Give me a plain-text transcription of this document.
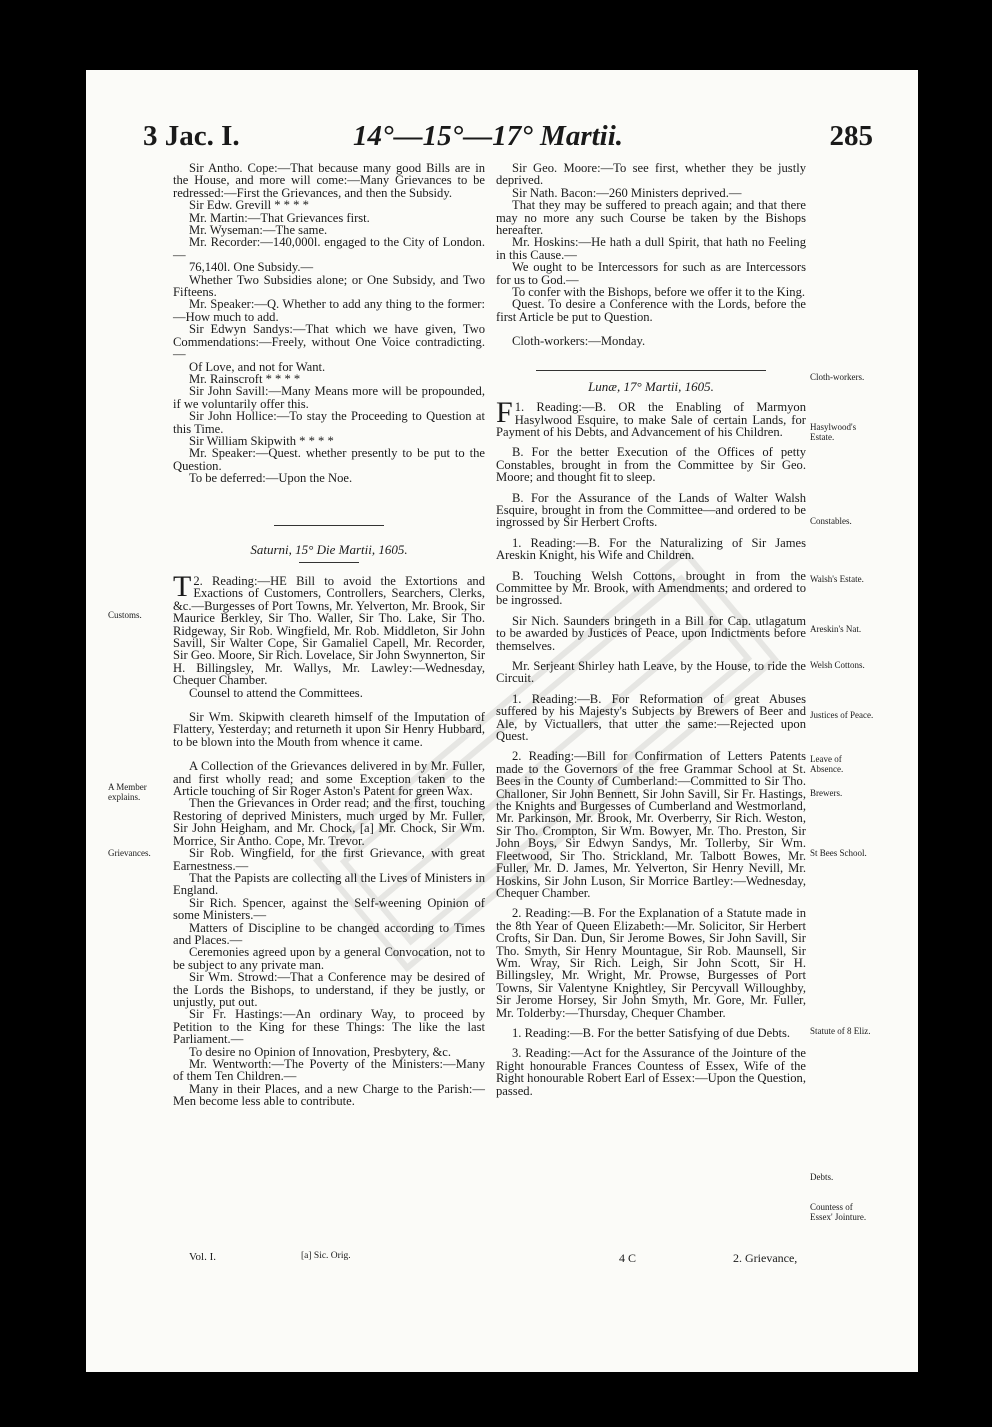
3 Jac. I.	14°—15°—17° Martii.	285

Sir Antho. Cope:—That because many good Bills are in the House, and more will come:—Many Grievances to be redressed:—First the Grievances, and then the Subsidy.

Sir Edw. Grevill * * * *

Mr. Martin:—That Grievances first.

Mr. Wyseman:—The same.

Mr. Recorder:—140,000l. engaged to the City of London.—

76,140l. One Subsidy.—

Whether Two Subsidies alone; or One Subsidy, and Two Fifteens.

Mr. Speaker:—Q. Whether to add any thing to the former:—How much to add.

Sir Edwyn Sandys:—That which we have given, Two Commendations:—Freely, without One Voice contradicting.—

Of Love, and not for Want.

Mr. Rainscroft * * * *

Sir John Savill:—Many Means more will be propounded, if we voluntarily offer this.

Sir John Hollice:—To stay the Proceeding to Question at this Time.

Sir William Skipwith * * * *

Mr. Speaker:—Quest. whether presently to be put to the Question.

To be deferred:—Upon the Noe.

Saturni, 15° Die Martii, 1605.

T 2. Reading:—HE Bill to avoid the Extortions and Exactions of Customers, Controllers, Searchers, Clerks, &c.—Burgesses of Port Towns, Mr. Yelverton, Mr. Brook, Sir Maurice Berkley, Sir Tho. Waller, Sir Tho. Lake, Sir Tho. Ridgeway, Sir Rob. Wingfield, Mr. Rob. Middleton, Sir John Savill, Sir Walter Cope, Sir Gamaliel Capell, Mr. Recorder, Sir Geo. Moore, Sir Rich. Lovelace, Sir John Swynnerton, Sir H. Billingsley, Mr. Wallys, Mr. Lawley:—Wednesday, Chequer Chamber.

Counsel to attend the Committees.

Sir Wm. Skipwith cleareth himself of the Imputation of Flattery, Yesterday; and returneth it upon Sir Henry Hubbard, to be blown into the Mouth from whence it came.

A Collection of the Grievances delivered in by Mr. Fuller, and first wholly read; and some Exception taken to the Article touching of Sir Roger Aston's Patent for green Wax.

Then the Grievances in Order read; and the first, touching Restoring of deprived Ministers, much urged by Mr. Fuller, Sir John Heigham, and Mr. Chock, [a] Mr. Chock, Sir Wm. Morrice, Sir Antho. Cope, Mr. Trevor.

Sir Rob. Wingfield, for the first Grievance, with great Earnestness.—

That the Papists are collecting all the Lives of Ministers in England.

Sir Rich. Spencer, against the Self-weening Opinion of some Ministers.—

Matters of Discipline to be changed according to Times and Places.—

Ceremonies agreed upon by a general Convocation, not to be subject to any private man.

Sir Wm. Strowd:—That a Conference may be desired of the Lords the Bishops, to understand, if they be justly, or unjustly, put out.

Sir Fr. Hastings:—An ordinary Way, to proceed by Petition to the King for these Things: The like the last Parliament.—

To desire no Opinion of Innovation, Presbytery, &c.

Mr. Wentworth:—The Poverty of the Ministers:—Many of them Ten Children.—

Many in their Places, and a new Charge to the Parish:—Men become less able to contribute.

Sir Geo. Moore:—To see first, whether they be justly deprived.

Sir Nath. Bacon:—260 Ministers deprived.—

That they may be suffered to preach again; and that there may no more any such Course be taken by the Bishops hereafter.

Mr. Hoskins:—He hath a dull Spirit, that hath no Feeling in this Cause.—

We ought to be Intercessors for such as are Intercessors for us to God.—

To confer with the Bishops, before we offer it to the King.

Quest. To desire a Conference with the Lords, before the first Article be put to Question.

Cloth-workers:—Monday.

Lunæ, 17° Martii, 1605.

F 1. Reading:—B. OR the Enabling of Marmyon Hasylwood Esquire, to make Sale of certain Lands, for Payment of his Debts, and Advancement of his Children.

B. For the better Execution of the Offices of petty Constables, brought in from the Committee by Sir Geo. Moore; and thought fit to sleep.

B. For the Assurance of the Lands of Walter Walsh Esquire, brought in from the Committee—and ordered to be ingrossed by Sir Herbert Crofts.

1. Reading:—B. For the Naturalizing of Sir James Areskin Knight, his Wife and Children.

B. Touching Welsh Cottons, brought in from the Committee by Mr. Brook, with Amendments; and ordered to be ingrossed.

Sir Nich. Saunders bringeth in a Bill for Cap. utlagatum to be awarded by Justices of Peace, upon Indictments before themselves.

Mr. Serjeant Shirley hath Leave, by the House, to ride the Circuit.

1. Reading:—B. For Reformation of great Abuses suffered by his Majesty's Subjects by Brewers of Beer and Ale, by Victuallers, that utter the same:—Rejected upon Quest.

2. Reading:—Bill for Confirmation of Letters Patents made to the Governors of the free Grammar School at St. Bees in the County of Cumberland:—Committed to Sir Tho. Challoner, Sir John Bennett, Sir John Savill, Sir Fr. Hastings, the Knights and Burgesses of Cumberland and Westmorland, Mr. Parkinson, Mr. Brook, Mr. Overberry, Sir Rich. Weston, Sir Tho. Crompton, Sir Wm. Bowyer, Mr. Tho. Preston, Sir John Boys, Sir Edwyn Sandys, Mr. Tollerby, Sir Wm. Fleetwood, Sir Tho. Strickland, Mr. Talbott Bowes, Mr. Fuller, Mr. D. James, Mr. Yelverton, Sir Henry Nevill, Mr. Hoskins, Sir John Luson, Sir Morrice Bartley:—Wednesday, Chequer Chamber.

2. Reading:—B. For the Explanation of a Statute made in the 8th Year of Queen Elizabeth:—Mr. Solicitor, Sir Herbert Crofts, Sir Dan. Dun, Sir Jerome Bowes, Sir John Savill, Sir Tho. Smyth, Sir Henry Mountague, Sir Rob. Maunsell, Sir Wm. Wray, Sir Rich. Leigh, Sir John Scott, Sir H. Billingsley, Mr. Wright, Mr. Prowse, Burgesses of Port Towns, Sir Valentyne Knightley, Sir Percyvall Willoughby, Sir Jerome Horsey, Sir John Smyth, Mr. Gore, Mr. Fuller, Mr. Tolderby:—Thursday, Chequer Chamber.

1. Reading:—B. For the better Satisfying of due Debts.

3. Reading:—Act for the Assurance of the Jointure of the Right honourable Frances Countess of Essex, Wife of the Right honourable Robert Earl of Essex:—Upon the Question, passed.

Customs.
A Member explains.
Grievances.
Cloth-workers.
Hasylwood's Estate.
Constables.
Walsh's Estate.
Areskin's Nat.
Welsh Cottons.
Justices of Peace.
Leave of Absence.
Brewers.
St Bees School.
Statute of 8 Eliz.
Debts.
Countess of Essex' Jointure.
Vol. I.	[a] Sic. Orig.	4 C	2. Grievance,
